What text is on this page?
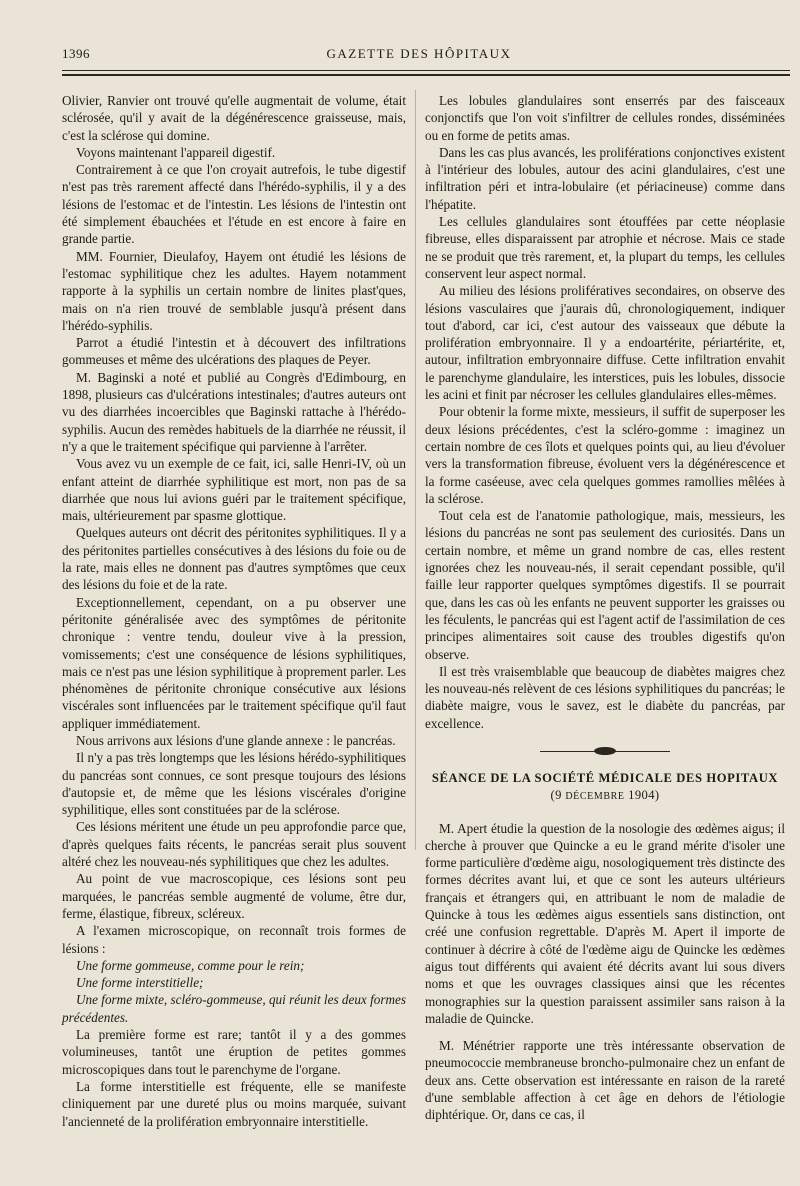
1396	GAZETTE DES HÔPITAUX

Olivier, Ranvier ont trouvé qu'elle augmentait de volume, était sclérosée, qu'il y avait de la dégénérescence graisseuse, mais, c'est la sclérose qui domine.

Voyons maintenant l'appareil digestif.

Contrairement à ce que l'on croyait autrefois, le tube digestif n'est pas très rarement affecté dans l'hérédo-syphilis, il y a des lésions de l'estomac et de l'intestin. Les lésions de l'intestin ont été simplement ébauchées et l'étude en est encore à faire en grande partie.

MM. Fournier, Dieulafoy, Hayem ont étudié les lésions de l'estomac syphilitique chez les adultes. Hayem notamment rapporte à la syphilis un certain nombre de linites plast'ques, mais on n'a rien trouvé de semblable jusqu'à présent dans l'hérédo-syphilis.

Parrot a étudié l'intestin et à découvert des infiltrations gommeuses et même des ulcérations des plaques de Peyer.

M. Baginski a noté et publié au Congrès d'Edimbourg, en 1898, plusieurs cas d'ulcérations intestinales; d'autres auteurs ont vu des diarrhées incoercibles que Baginski rattache à l'hérédo-syphilis. Aucun des remèdes habituels de la diarrhée ne réussit, il n'y a que le traitement spécifique qui parvienne à l'arrêter.

Vous avez vu un exemple de ce fait, ici, salle Henri-IV, où un enfant atteint de diarrhée syphilitique est mort, non pas de sa diarrhée que nous lui avions guéri par le traitement spécifique, mais, ultérieurement par spasme glottique.

Quelques auteurs ont décrit des péritonites syphilitiques. Il y a des péritonites partielles consécutives à des lésions du foie ou de la rate, mais elles ne donnent pas d'autres symptômes que ceux des lésions du foie et de la rate.

Exceptionnellement, cependant, on a pu observer une péritonite généralisée avec des symptômes de péritonite chronique : ventre tendu, douleur vive à la pression, vomissements; c'est une conséquence de lésions syphilitiques, mais ce n'est pas une lésion syphilitique à proprement parler. Les phénomènes de péritonite chronique consécutive aux lésions viscérales sont influencées par le traitement spécifique qu'il faut appliquer immédiatement.

Nous arrivons aux lésions d'une glande annexe : le pancréas.

Il n'y a pas très longtemps que les lésions hérédo-syphilitiques du pancréas sont connues, ce sont presque toujours des lésions d'autopsie et, de même que les lésions viscérales d'origine syphilitique, elles sont constituées par de la sclérose.

Ces lésions méritent une étude un peu approfondie parce que, d'après quelques faits récents, le pancréas serait plus souvent altéré chez les nouveau-nés syphilitiques que chez les adultes.

Au point de vue macroscopique, ces lésions sont peu marquées, le pancréas semble augmenté de volume, être dur, ferme, élastique, fibreux, scléreux.

A l'examen microscopique, on reconnaît trois formes de lésions :

Une forme gommeuse, comme pour le rein;

Une forme interstitielle;

Une forme mixte, scléro-gommeuse, qui réunit les deux formes précédentes.

La première forme est rare; tantôt il y a des gommes volumineuses, tantôt une éruption de petites gommes microscopiques dans tout le parenchyme de l'organe.

La forme interstitielle est fréquente, elle se manifeste cliniquement par une dureté plus ou moins marquée, suivant l'ancienneté de la prolifération embryonnaire interstitielle.

Les lobules glandulaires sont enserrés par des faisceaux conjonctifs que l'on voit s'infiltrer de cellules rondes, disséminées ou en forme de petits amas.

Dans les cas plus avancés, les proliférations conjonctives existent à l'intérieur des lobules, autour des acini glandulaires, c'est une infiltration péri et intra-lobulaire (et périacineuse) comme dans l'hépatite.

Les cellules glandulaires sont étouffées par cette néoplasie fibreuse, elles disparaissent par atrophie et nécrose. Mais ce stade ne se produit que très rarement, et, la plupart du temps, les cellules conservent leur aspect normal.

Au milieu des lésions prolifératives secondaires, on observe des lésions vasculaires que j'aurais dû, chronologiquement, indiquer tout d'abord, car ici, c'est autour des vaisseaux que débute la prolifération embryonnaire. Il y a endoartérite, périartérite, et, autour, infiltration embryonnaire diffuse. Cette infiltration envahit le parenchyme glandulaire, les interstices, puis les lobules, dissocie les acini et finit par nécroser les cellules glandulaires elles-mêmes.

Pour obtenir la forme mixte, messieurs, il suffit de superposer les deux lésions précédentes, c'est la scléro-gomme : imaginez un certain nombre de ces îlots et quelques points qui, au lieu d'évoluer vers la transformation fibreuse, évoluent vers la dégénérescence et la forme caséeuse, avec cela quelques gommes ramollies mêlées à la sclérose.

Tout cela est de l'anatomie pathologique, mais, messieurs, les lésions du pancréas ne sont pas seulement des curiosités. Dans un certain nombre, et même un grand nombre de cas, elles restent ignorées chez les nouveau-nés, il serait cependant possible, qu'il faille leur rapporter quelques symptômes digestifs. Il se pourrait que, dans les cas où les enfants ne peuvent supporter les graisses ou les féculents, le pancréas qui est l'agent actif de l'assimilation de ces principes alimentaires soit cause des troubles digestifs qu'on observe.

Il est très vraisemblable que beaucoup de diabètes maigres chez les nouveau-nés relèvent de ces lésions syphilitiques du pancréas; le diabète maigre, vous le savez, est le diabète du pancréas, par excellence.

SÉANCE DE LA SOCIÉTÉ MÉDICALE DES HOPITAUX
(9 DÉCEMBRE 1904)

M. Apert étudie la question de la nosologie des œdèmes aigus; il cherche à prouver que Quincke a eu le grand mérite d'isoler une forme particulière d'œdème aigu, nosologiquement très distincte des formes décrites avant lui, et que ce sont les auteurs ultérieurs français et étrangers qui, en attribuant le nom de maladie de Quincke à tous les œdèmes aigus essentiels sans distinction, ont créé une confusion regrettable. D'après M. Apert il importe de continuer à décrire à côté de l'œdème aigu de Quincke les œdèmes aigus tout différents qui avaient été décrits avant lui sous divers noms et que les ouvrages classiques ainsi que les récentes monographies sur la question paraissent assimiler sans raison à la maladie de Quincke.

M. Ménétrier rapporte une très intéressante observation de pneumococcie membraneuse broncho-pulmonaire chez un enfant de deux ans. Cette observation est intéressante en raison de la rareté d'une semblable affection à cet âge en dehors de l'étiologie diphtérique. Or, dans ce cas, il
